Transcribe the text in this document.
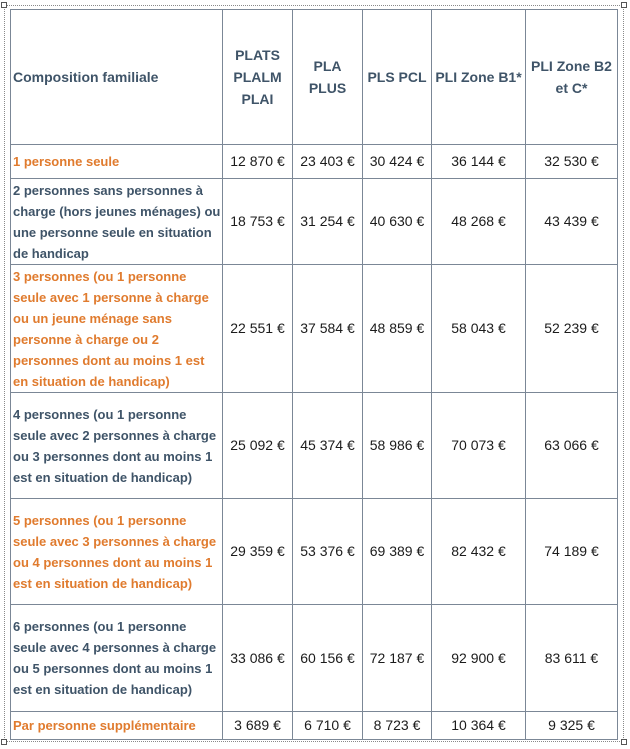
Composition familiale	PLATS PLALM PLAI	PLA PLUS	PLS PCL	PLI Zone B1*	PLI Zone B2 et C*
1 personne seule	12 870 €	23 403 €	30 424 €	36 144 €	32 530 €
2 personnes sans personnes à charge (hors jeunes ménages) ou une personne seule en situation de handicap	18 753 €	31 254 €	40 630 €	48 268 €	43 439 €
3 personnes (ou 1 personne seule avec 1 personne à charge ou un jeune ménage sans personne à charge ou 2 personnes dont au moins 1 est en situation de handicap)	22 551 €	37 584 €	48 859 €	58 043 €	52 239 €
4 personnes (ou 1 personne seule avec 2 personnes à charge ou 3 personnes dont au moins 1 est en situation de handicap)	25 092 €	45 374 €	58 986 €	70 073 €	63 066 €
5 personnes (ou 1 personne seule avec 3 personnes à charge ou 4 personnes dont au moins 1 est en situation de handicap)	29 359 €	53 376 €	69 389 €	82 432 €	74 189 €
6 personnes (ou 1 personne seule avec 4 personnes à charge ou 5 personnes dont au moins 1 est en situation de handicap)	33 086 €	60 156 €	72 187 €	92 900 €	83 611 €
Par personne supplémentaire	3 689 €	6 710 €	8 723 €	10 364 €	9 325 €
